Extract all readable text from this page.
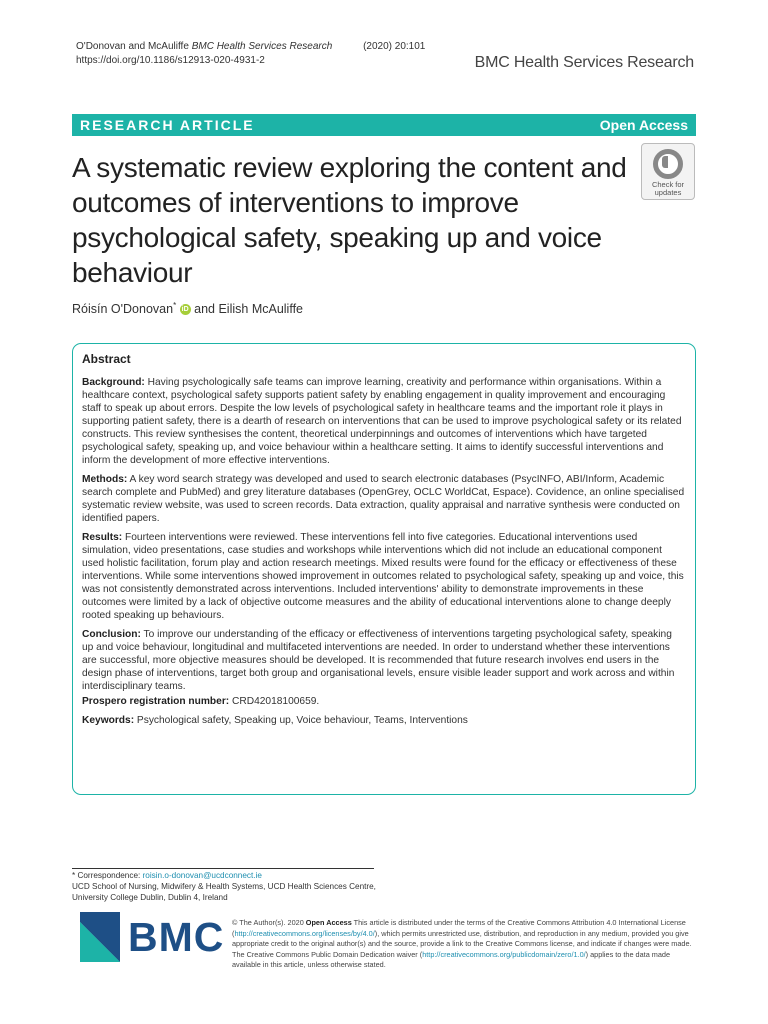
O'Donovan and McAuliffe BMC Health Services Research	(2020) 20:101
https://doi.org/10.1186/s12913-020-4931-2	BMC Health Services Research
RESEARCH ARTICLE	Open Access
A systematic review exploring the content and outcomes of interventions to improve psychological safety, speaking up and voice behaviour
Check for
updates
Róisín O'Donovan* iD and Eilish McAuliffe
Abstract

Background: Having psychologically safe teams can improve learning, creativity and performance within organisations. Within a healthcare context, psychological safety supports patient safety by enabling engagement in quality improvement and encouraging staff to speak up about errors. Despite the low levels of psychological safety in healthcare teams and the important role it plays in supporting patient safety, there is a dearth of research on interventions that can be used to improve psychological safety or its related constructs. This review synthesises the content, theoretical underpinnings and outcomes of interventions which have targeted psychological safety, speaking up, and voice behaviour within a healthcare setting. It aims to identify successful interventions and inform the development of more effective interventions.

Methods: A key word search strategy was developed and used to search electronic databases (PsycINFO, ABI/Inform, Academic search complete and PubMed) and grey literature databases (OpenGrey, OCLC WorldCat, Espace). Covidence, an online specialised systematic review website, was used to screen records. Data extraction, quality appraisal and narrative synthesis were conducted on identified papers.

Results: Fourteen interventions were reviewed. These interventions fell into five categories. Educational interventions used simulation, video presentations, case studies and workshops while interventions which did not include an educational component used holistic facilitation, forum play and action research meetings. Mixed results were found for the efficacy or effectiveness of these interventions. While some interventions showed improvement in outcomes related to psychological safety, speaking up and voice, this was not consistently demonstrated across interventions. Included interventions' ability to demonstrate improvements in these outcomes were limited by a lack of objective outcome measures and the ability of educational interventions alone to change deeply rooted speaking up behaviours.

Conclusion: To improve our understanding of the efficacy or effectiveness of interventions targeting psychological safety, speaking up and voice behaviour, longitudinal and multifaceted interventions are needed. In order to understand whether these interventions are successful, more objective measures should be developed. It is recommended that future research involves end users in the design phase of interventions, target both group and organisational levels, ensure visible leader support and work across and within interdisciplinary teams.

Prospero registration number: CRD42018100659.

Keywords: Psychological safety, Speaking up, Voice behaviour, Teams, Interventions

* Correspondence: roisin.o-donovan@ucdconnect.ie
UCD School of Nursing, Midwifery & Health Systems, UCD Health Sciences Centre, University College Dublin, Dublin 4, Ireland
BMC © The Author(s). 2020 Open Access This article is distributed under the terms of the Creative Commons Attribution 4.0 International License (http://creativecommons.org/licenses/by/4.0/), which permits unrestricted use, distribution, and reproduction in any medium, provided you give appropriate credit to the original author(s) and the source, provide a link to the Creative Commons license, and indicate if changes were made. The Creative Commons Public Domain Dedication waiver (http://creativecommons.org/publicdomain/zero/1.0/) applies to the data made available in this article, unless otherwise stated.
